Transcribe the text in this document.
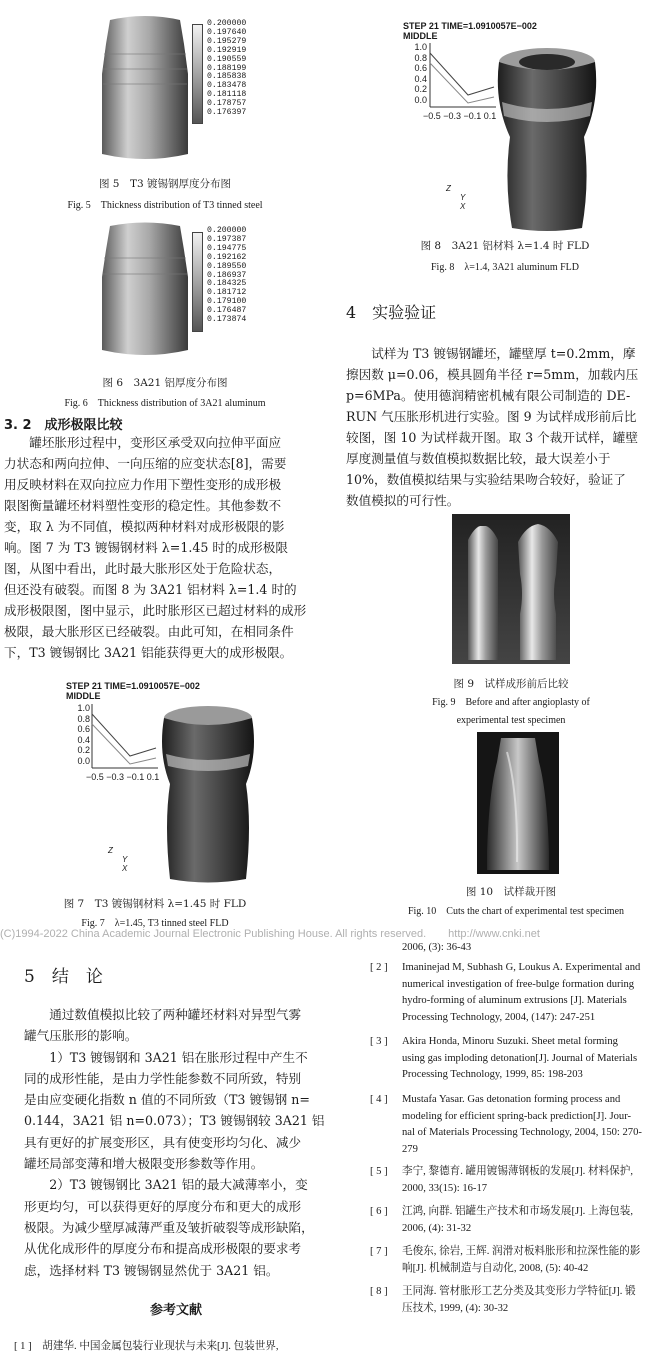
0.200000
0.197640
0.195279
0.192919
0.190559
0.188199
0.185838
0.183478
0.181118
0.178757
0.176397
图 5　T3 镀锡钢厚度分布图
Fig. 5　Thickness distribution of T3 tinned steel
0.200000
0.197387
0.194775
0.192162
0.189550
0.186937
0.184325
0.181712
0.179100
0.176487
0.173874
图 6　3A21 铝厚度分布图
Fig. 6　Thickness distribution of 3A21 aluminum
3. 2　成形极限比较
　　罐坯胀形过程中，变形区承受双向拉伸平面应
力状态和两向拉伸、一向压缩的应变状态[8]，需要
用反映材料在双向拉应力作用下塑性变形的成形极
限图衡量罐坯材料塑性变形的稳定性。其他参数不
变，取 λ 为不同值，模拟两种材料对成形极限的影
响。图 7 为 T3 镀锡钢材料 λ=1.45 时的成形极限
图，从图中看出，此时最大胀形区处于危险状态，
但还没有破裂。而图 8 为 3A21 铝材料 λ=1.4 时的
成形极限图，图中显示，此时胀形区已超过材料的成形
极限，最大胀形区已经破裂。由此可知，在相同条件
下，T3 镀锡钢比 3A21 铝能获得更大的成形极限。
STEP 21 TIME=1.0910057E−002
MIDDLE
1.0
0.8
0.6
0.4
0.2
0.0
−0.5 −0.3 −0.1 0.1
Z
Y
X
图 7　T3 镀锡钢材料 λ=1.45 时 FLD
Fig. 7　λ=1.45, T3 tinned steel FLD
STEP 21 TIME=1.0910057E−002
MIDDLE
1.0
0.8
0.6
0.4
0.2
0.0
−0.5 −0.3 −0.1 0.1
Z
Y
X
图 8　3A21 铝材料 λ=1.4 时 FLD
Fig. 8　λ=1.4, 3A21 aluminum FLD
4　实验验证
　　试样为 T3 镀锡钢罐坯，罐壁厚 t=0.2mm，摩
擦因数 μ=0.06，模具圆角半径 r=5mm，加载内压
p=6MPa。使用德润精密机械有限公司制造的 DE-
RUN 气压胀形机进行实验。图 9 为试样成形前后比
较图，图 10 为试样裁开图。取 3 个裁开试样，罐壁
厚度测量值与数值模拟数据比较，最大误差小于
10%，数值模拟结果与实验结果吻合较好，验证了
数值模拟的可行性。
图 9　试样成形前后比较
Fig. 9　Before and after angioplasty of
experimental test specimen
图 10　试样裁开图
Fig. 10　Cuts the chart of experimental test specimen
(C)1994-2022 China Academic Journal Electronic Publishing House. All rights reserved.　　http://www.cnki.net
5　结　论
　　通过数值模拟比较了两种罐坯材料对异型气雾
罐气压胀形的影响。
　　1）T3 镀锡钢和 3A21 铝在胀形过程中产生不
同的成形性能，是由力学性能参数不同所致，特别
是由应变硬化指数 n 值的不同所致（T3 镀锡钢 n=
0.144，3A21 铝 n=0.073）；T3 镀锡钢较 3A21 铝
具有更好的扩展变形区，具有使变形均匀化、减少
罐坯局部变薄和增大极限变形参数等作用。
　　2）T3 镀锡钢比 3A21 铝的最大减薄率小，变
形更均匀，可以获得更好的厚度分布和更大的成形
极限。为减少壁厚减薄严重及皱折破裂等成形缺陷，
从优化成形件的厚度分布和提高成形极限的要求考
虑，选择材料 T3 镀锡钢显然优于 3A21 铝。
参考文献
[ 1 ]　胡建华. 中国金属包装行业现状与未来[J]. 包装世界,
2006, (3): 36-43
[ 2 ] Imaninejad M, Subhash G, Loukus A. Experimental and
numerical investigation of free-bulge formation during
hydro-forming of aluminum extrusions [J]. Materials
Processing Technology, 2004, (147): 247-251
[ 3 ] Akira Honda, Minoru Suzuki. Sheet metal forming
using gas imploding detonation[J]. Journal of Materials
Processing Technology, 1999, 85: 198-203
[ 4 ] Mustafa Yasar. Gas detonation forming process and
modeling for efficient spring-back prediction[J]. Jour-
nal of Materials Processing Technology, 2004, 150: 270-
279
[ 5 ] 李宁, 黎德育. 罐用镀锡薄钢板的发展[J]. 材料保护,
2000, 33(15): 16-17
[ 6 ] 江鸿, 向群. 铝罐生产技术和市场发展[J]. 上海包装,
2006, (4): 31-32
[ 7 ] 毛俊东, 徐岩, 王辉. 润滑对板料胀形和拉深性能的影
响[J]. 机械制造与自动化, 2008, (5): 40-42
[ 8 ] 王同海. 管材胀形工艺分类及其变形力学特征[J]. 锻
压技术, 1999, (4): 30-32
